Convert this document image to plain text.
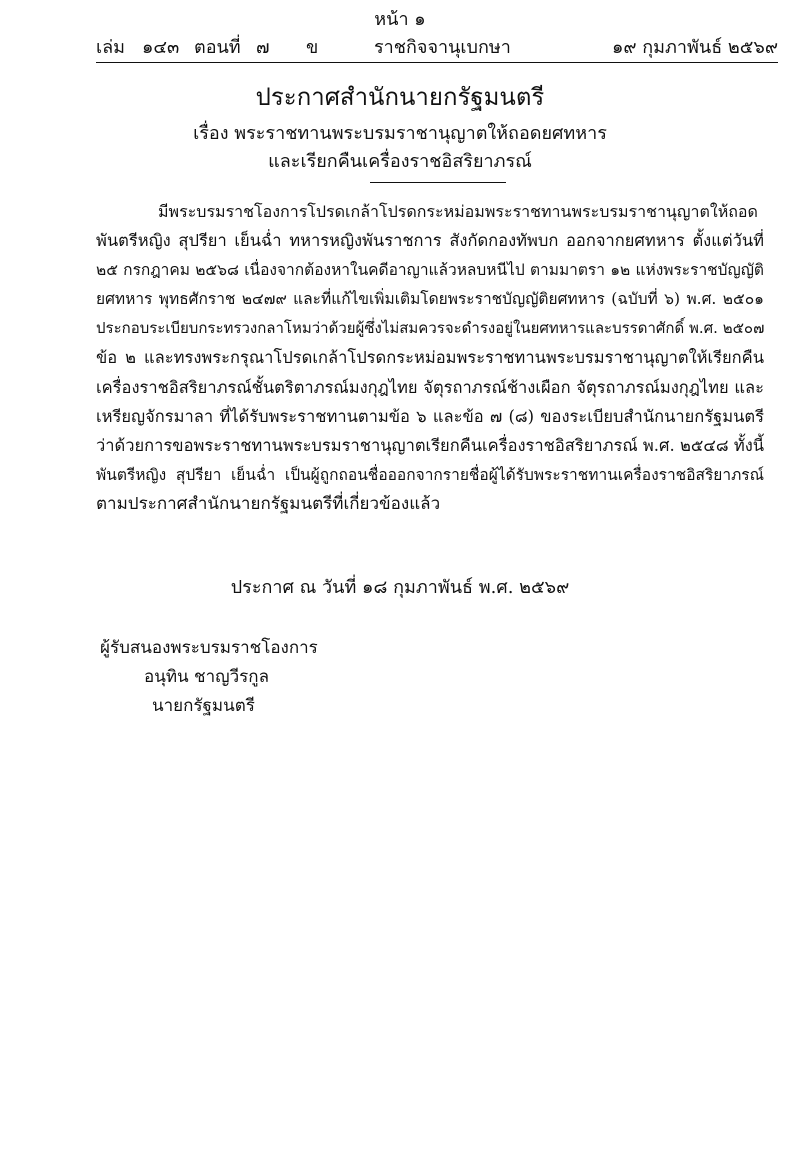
หน้า ๑
เล่ม ๑๔๓ ตอนที่ ๗ ข	ราชกิจจานุเบกษา	๑๙ กุมภาพันธ์ ๒๕๖๙
ประกาศสำนักนายกรัฐมนตรี
เรื่อง พระราชทานพระบรมราชานุญาตให้ถอดยศทหาร
และเรียกคืนเครื่องราชอิสริยาภรณ์
มีพระบรมราชโองการโปรดเกล้าโปรดกระหม่อมพระราชทานพระบรมราชานุญาตให้ถอด
พันตรีหญิง สุปรียา เย็นฉ่ำ ทหารหญิงพันราชการ สังกัดกองทัพบก ออกจากยศทหาร ตั้งแต่วันที่
๒๕ กรกฎาคม ๒๕๖๘ เนื่องจากต้องหาในคดีอาญาแล้วหลบหนีไป ตามมาตรา ๑๒ แห่งพระราชบัญญัติ
ยศทหาร พุทธศักราช ๒๔๗๙ และที่แก้ไขเพิ่มเติมโดยพระราชบัญญัติยศทหาร (ฉบับที่ ๖) พ.ศ. ๒๕๐๑
ประกอบระเบียบกระทรวงกลาโหมว่าด้วยผู้ซึ่งไม่สมควรจะดำรงอยู่ในยศทหารและบรรดาศักดิ์ พ.ศ. ๒๕๐๗
ข้อ ๒ และทรงพระกรุณาโปรดเกล้าโปรดกระหม่อมพระราชทานพระบรมราชานุญาตให้เรียกคืน
เครื่องราชอิสริยาภรณ์ชั้นตริตาภรณ์มงกุฎไทย จัตุรถาภรณ์ช้างเผือก จัตุรถาภรณ์มงกุฎไทย และ
เหรียญจักรมาลา ที่ได้รับพระราชทานตามข้อ ๖ และข้อ ๗ (๘) ของระเบียบสำนักนายกรัฐมนตรี
ว่าด้วยการขอพระราชทานพระบรมราชานุญาตเรียกคืนเครื่องราชอิสริยาภรณ์ พ.ศ. ๒๕๔๘ ทั้งนี้
พันตรีหญิง สุปรียา เย็นฉ่ำ เป็นผู้ถูกถอนชื่อออกจากรายชื่อผู้ได้รับพระราชทานเครื่องราชอิสริยาภรณ์
ตามประกาศสำนักนายกรัฐมนตรีที่เกี่ยวข้องแล้ว
ประกาศ ณ วันที่ ๑๘ กุมภาพันธ์ พ.ศ. ๒๕๖๙
ผู้รับสนองพระบรมราชโองการ
อนุทิน ชาญวีรกูล
นายกรัฐมนตรี
